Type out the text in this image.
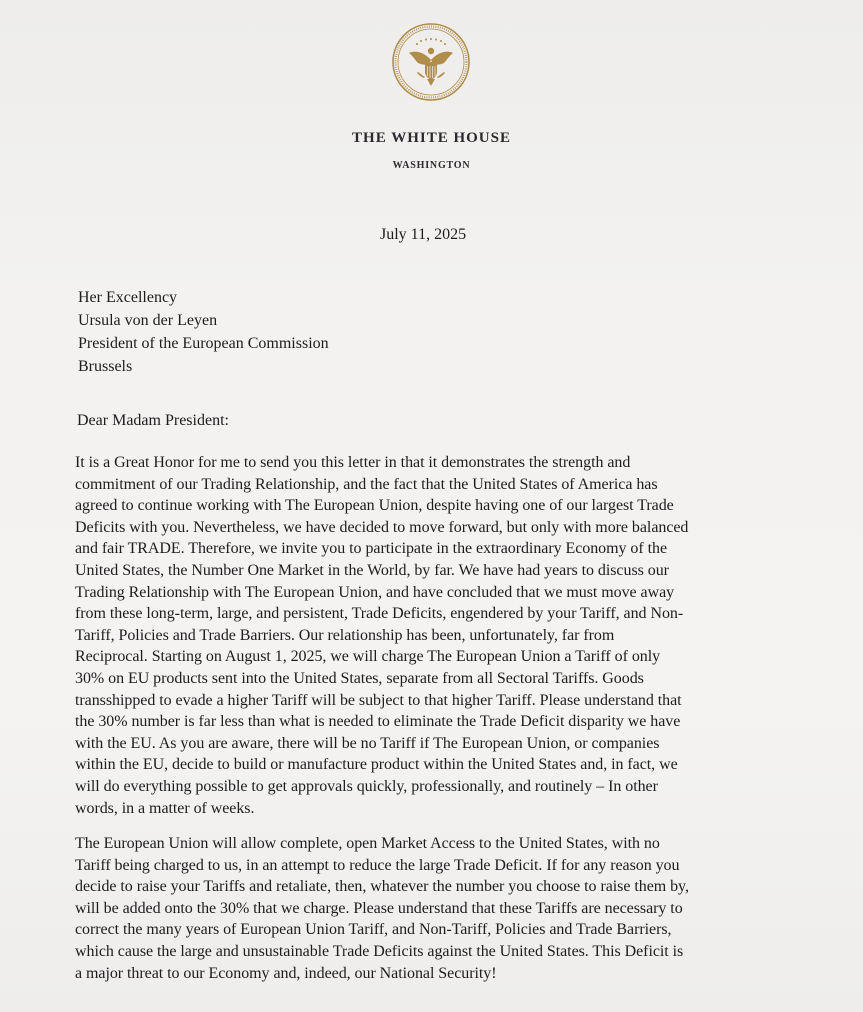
THE WHITE HOUSE
WASHINGTON
July 11, 2025
Her Excellency
Ursula von der Leyen
President of the European Commission
Brussels
Dear Madam President:
It is a Great Honor for me to send you this letter in that it demonstrates the strength and
commitment of our Trading Relationship, and the fact that the United States of America has
agreed to continue working with The European Union, despite having one of our largest Trade
Deficits with you. Nevertheless, we have decided to move forward, but only with more balanced
and fair TRADE. Therefore, we invite you to participate in the extraordinary Economy of the
United States, the Number One Market in the World, by far. We have had years to discuss our
Trading Relationship with The European Union, and have concluded that we must move away
from these long-term, large, and persistent, Trade Deficits, engendered by your Tariff, and Non-
Tariff, Policies and Trade Barriers. Our relationship has been, unfortunately, far from
Reciprocal. Starting on August 1, 2025, we will charge The European Union a Tariff of only
30% on EU products sent into the United States, separate from all Sectoral Tariffs. Goods
transshipped to evade a higher Tariff will be subject to that higher Tariff. Please understand that
the 30% number is far less than what is needed to eliminate the Trade Deficit disparity we have
with the EU. As you are aware, there will be no Tariff if The European Union, or companies
within the EU, decide to build or manufacture product within the United States and, in fact, we
will do everything possible to get approvals quickly, professionally, and routinely – In other
words, in a matter of weeks.
The European Union will allow complete, open Market Access to the United States, with no
Tariff being charged to us, in an attempt to reduce the large Trade Deficit. If for any reason you
decide to raise your Tariffs and retaliate, then, whatever the number you choose to raise them by,
will be added onto the 30% that we charge. Please understand that these Tariffs are necessary to
correct the many years of European Union Tariff, and Non-Tariff, Policies and Trade Barriers,
which cause the large and unsustainable Trade Deficits against the United States. This Deficit is
a major threat to our Economy and, indeed, our National Security!
